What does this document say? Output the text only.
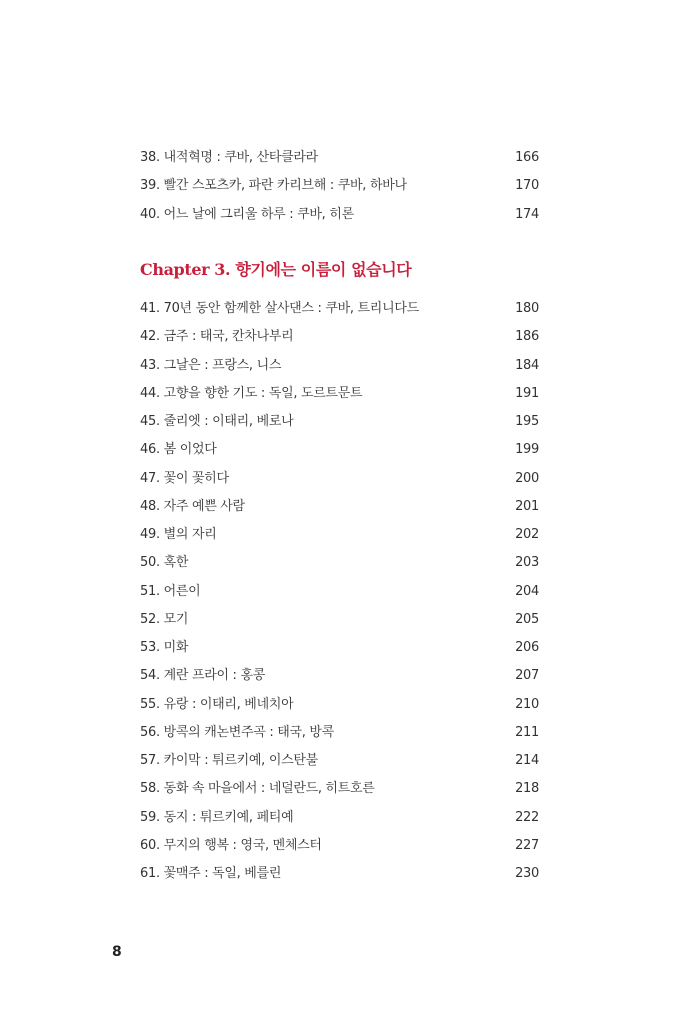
38. 내적혁명 : 쿠바, 산타클라라	166
39. 빨간 스포츠카, 파란 카리브해 : 쿠바, 하바나	170
40. 어느 날에 그리울 하루 : 쿠바, 히론	174
Chapter 3. 향기에는 이름이 없습니다
41. 70년 동안 함께한 살사댄스 : 쿠바, 트리니다드	180
42. 금주 : 태국, 칸차나부리	186
43. 그날은 : 프랑스, 니스	184
44. 고향을 향한 기도 : 독일, 도르트문트	191
45. 줄리엣 : 이태리, 베로나	195
46. 봄 이었다	199
47. 꽃이 꽃히다	200
48. 자주 예쁜 사람	201
49. 별의 자리	202
50. 혹한	203
51. 어른이	204
52. 모기	205
53. 미화	206
54. 계란 프라이 : 홍콩	207
55. 유랑 : 이태리, 베네치아	210
56. 방콕의 캐논변주곡 : 태국, 방콕	211
57. 카이막 : 튀르키예, 이스탄불	214
58. 동화 속 마을에서 : 네덜란드, 히트호른	218
59. 동지 : 튀르키예, 페티예	222
60. 무지의 행복 : 영국, 멘체스터	227
61. 꽃맥주 : 독일, 베를린	230
8
